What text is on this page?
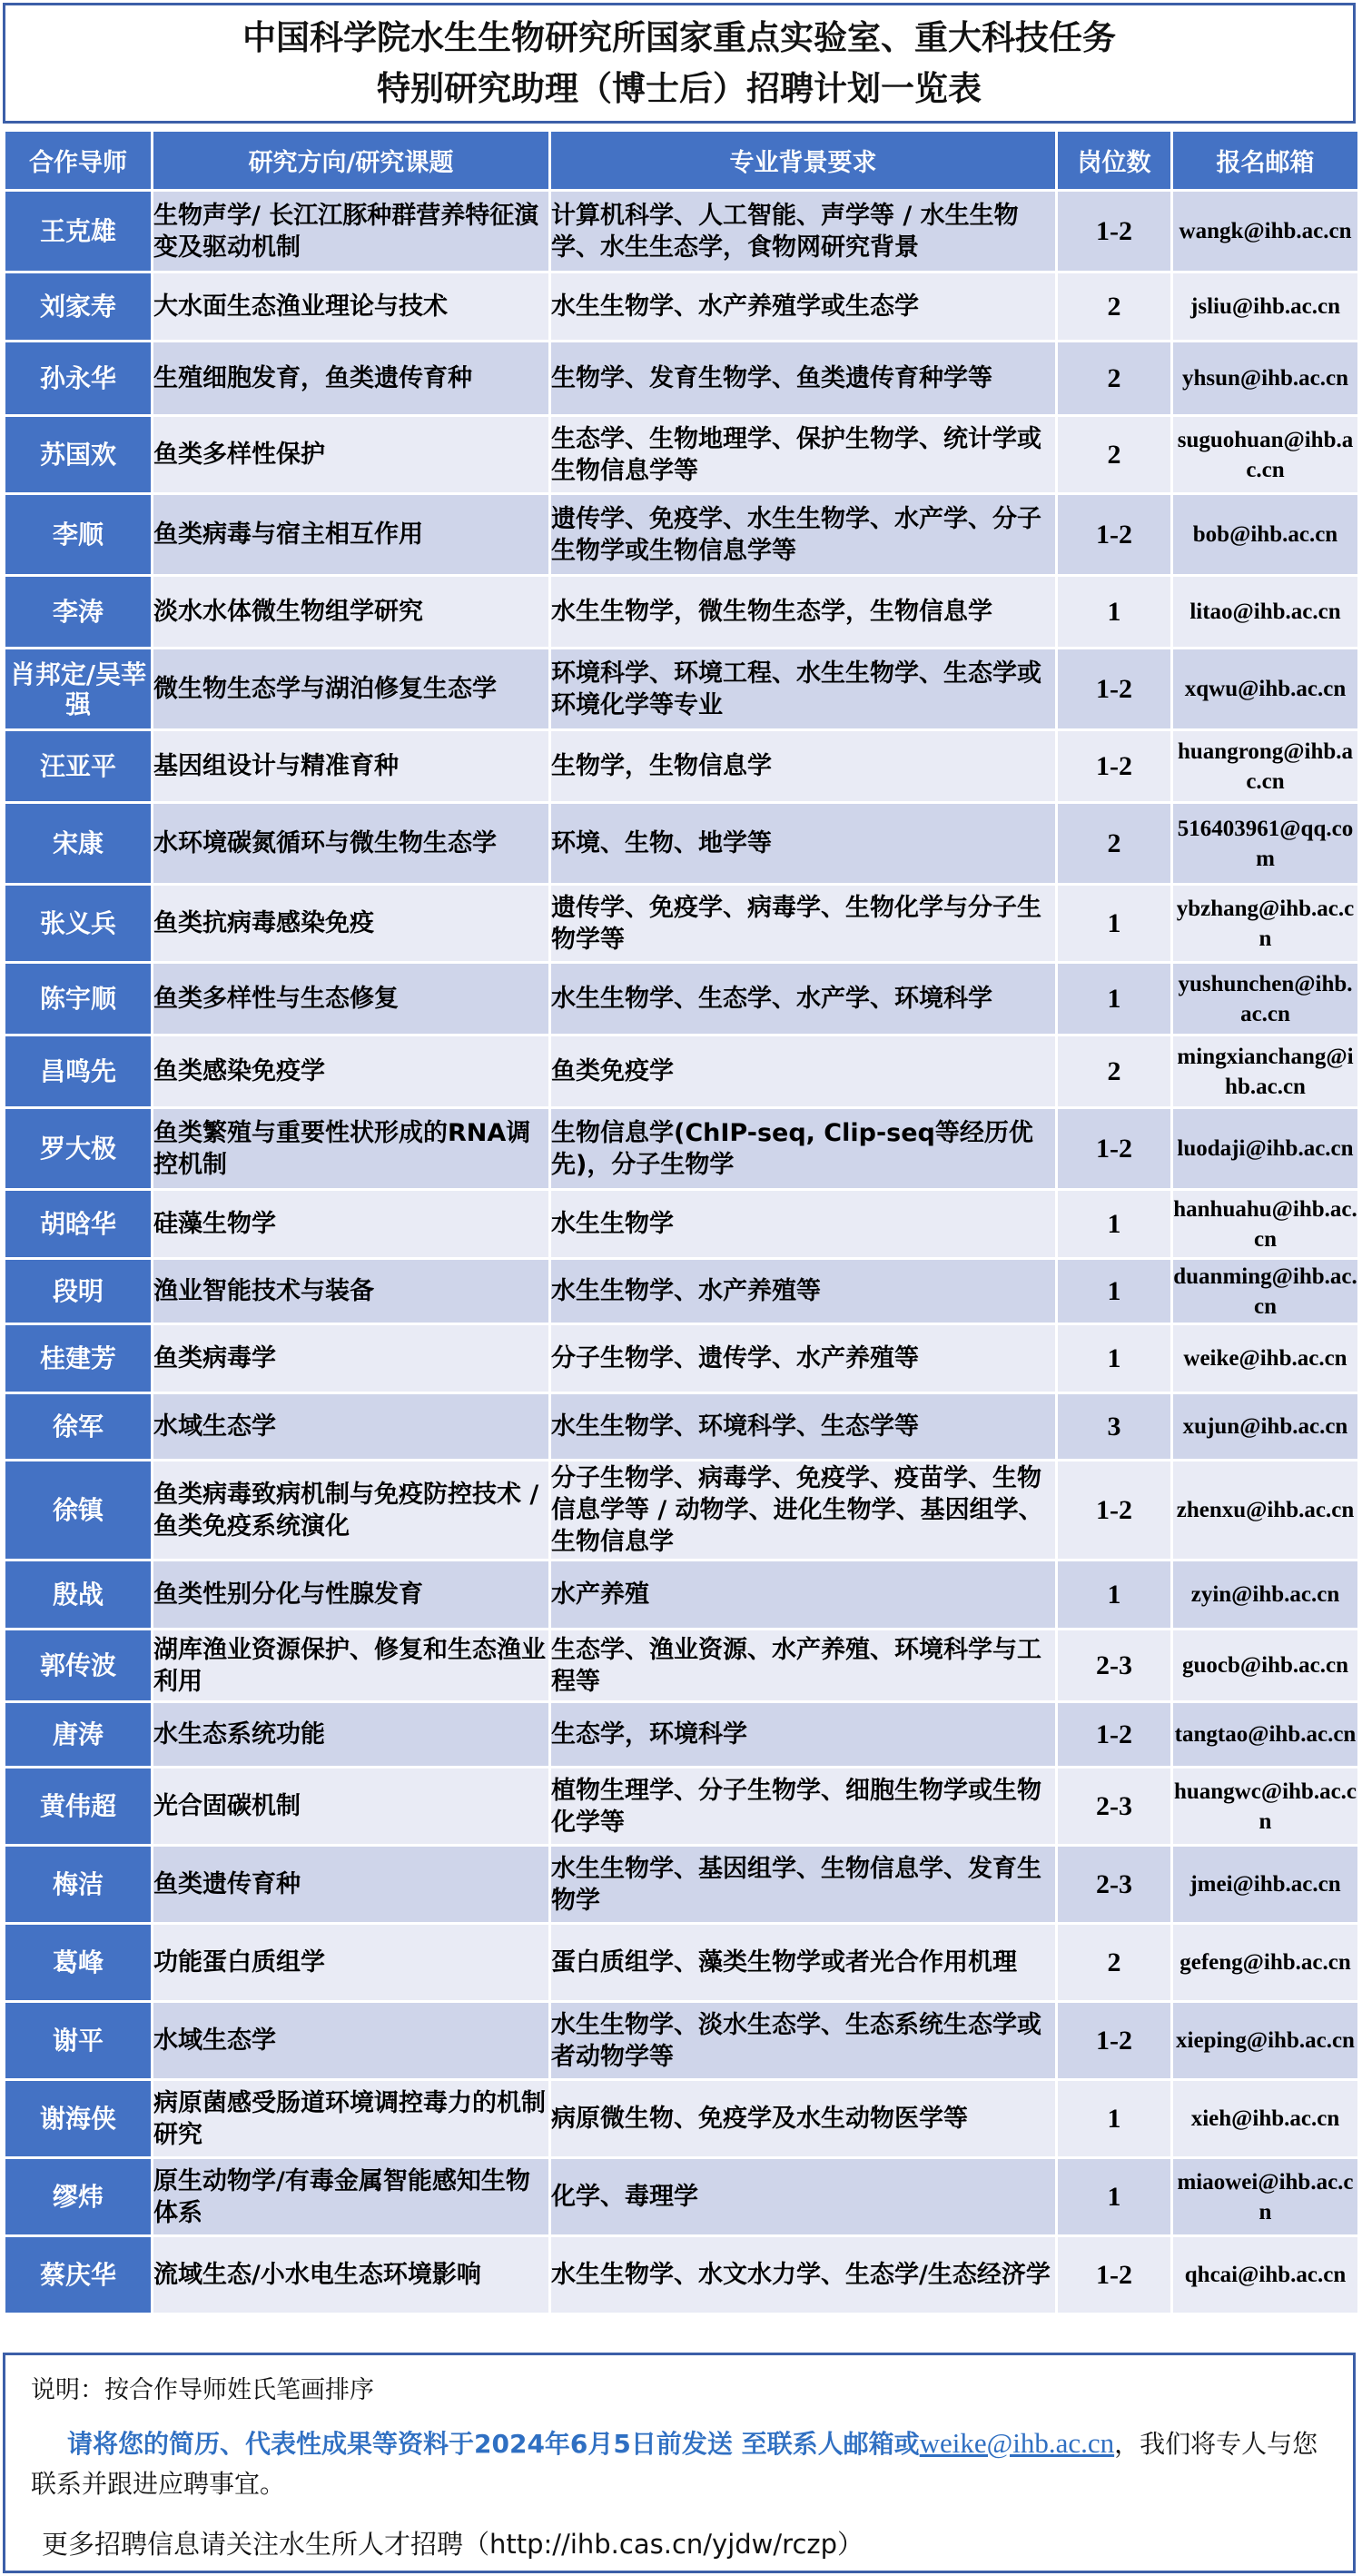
中国科学院水生生物研究所国家重点实验室、重大科技任务
特别研究助理（博士后）招聘计划一览表
合作导师	研究方向/研究课题	专业背景要求	岗位数	报名邮箱
王克雄	生物声学/ 长江江豚种群营养特征演变及驱动机制	计算机科学、人工智能、声学等 / 水生生物学、水生生态学，食物网研究背景	1-2	wangk@ihb.ac.cn
刘家寿	大水面生态渔业理论与技术	水生生物学、水产养殖学或生态学	2	jsliu@ihb.ac.cn
孙永华	生殖细胞发育，鱼类遗传育种	生物学、发育生物学、鱼类遗传育种学等	2	yhsun@ihb.ac.cn
苏国欢	鱼类多样性保护	生态学、生物地理学、保护生物学、统计学或生物信息学等	2	suguohuan@ihb.ac.cn
李顺	鱼类病毒与宿主相互作用	遗传学、免疫学、水生生物学、水产学、分子生物学或生物信息学等	1-2	bob@ihb.ac.cn
李涛	淡水水体微生物组学研究	水生生物学，微生物生态学，生物信息学	1	litao@ihb.ac.cn
肖邦定/吴莘强	微生物生态学与湖泊修复生态学	环境科学、环境工程、水生生物学、生态学或环境化学等专业	1-2	xqwu@ihb.ac.cn
汪亚平	基因组设计与精准育种	生物学，生物信息学	1-2	huangrong@ihb.ac.cn
宋康	水环境碳氮循环与微生物生态学	环境、生物、地学等	2	516403961@qq.com
张义兵	鱼类抗病毒感染免疫	遗传学、免疫学、病毒学、生物化学与分子生物学等	1	ybzhang@ihb.ac.cn
陈宇顺	鱼类多样性与生态修复	水生生物学、生态学、水产学、环境科学	1	yushunchen@ihb.ac.cn
昌鸣先	鱼类感染免疫学	鱼类免疫学	2	mingxianchang@ihb.ac.cn
罗大极	鱼类繁殖与重要性状形成的RNA调控机制	生物信息学(ChIP-seq, Clip-seq等经历优先)，分子生物学	1-2	luodaji@ihb.ac.cn
胡晗华	硅藻生物学	水生生物学	1	hanhuahu@ihb.ac.cn
段明	渔业智能技术与装备	水生生物学、水产养殖等	1	duanming@ihb.ac.cn
桂建芳	鱼类病毒学	分子生物学、遗传学、水产养殖等	1	weike@ihb.ac.cn
徐军	水域生态学	水生生物学、环境科学、生态学等	3	xujun@ihb.ac.cn
徐镇	鱼类病毒致病机制与免疫防控技术 / 鱼类免疫系统演化	分子生物学、病毒学、免疫学、疫苗学、生物信息学等 / 动物学、进化生物学、基因组学、生物信息学	1-2	zhenxu@ihb.ac.cn
殷战	鱼类性别分化与性腺发育	水产养殖	1	zyin@ihb.ac.cn
郭传波	湖库渔业资源保护、修复和生态渔业利用	生态学、渔业资源、水产养殖、环境科学与工程等	2-3	guocb@ihb.ac.cn
唐涛	水生态系统功能	生态学，环境科学	1-2	tangtao@ihb.ac.cn
黄伟超	光合固碳机制	植物生理学、分子生物学、细胞生物学或生物化学等	2-3	huangwc@ihb.ac.cn
梅洁	鱼类遗传育种	水生生物学、基因组学、生物信息学、发育生物学	2-3	jmei@ihb.ac.cn
葛峰	功能蛋白质组学	蛋白质组学、藻类生物学或者光合作用机理	2	gefeng@ihb.ac.cn
谢平	水域生态学	水生生物学、淡水生态学、生态系统生态学或者动物学等	1-2	xieping@ihb.ac.cn
谢海侠	病原菌感受肠道环境调控毒力的机制研究	病原微生物、免疫学及水生动物医学等	1	xieh@ihb.ac.cn
缪炜	原生动物学/有毒金属智能感知生物体系	化学、毒理学	1	miaowei@ihb.ac.cn
蔡庆华	流域生态/小水电生态环境影响	水生生物学、水文水力学、生态学/生态经济学	1-2	qhcai@ihb.ac.cn
说明：按合作导师姓氏笔画排序
请将您的简历、代表性成果等资料于2024年6月5日前发送 至联系人邮箱或weike@ihb.ac.cn，我们将专人与您联系并跟进应聘事宜。
更多招聘信息请关注水生所人才招聘（http://ihb.cas.cn/yjdw/rczp）
